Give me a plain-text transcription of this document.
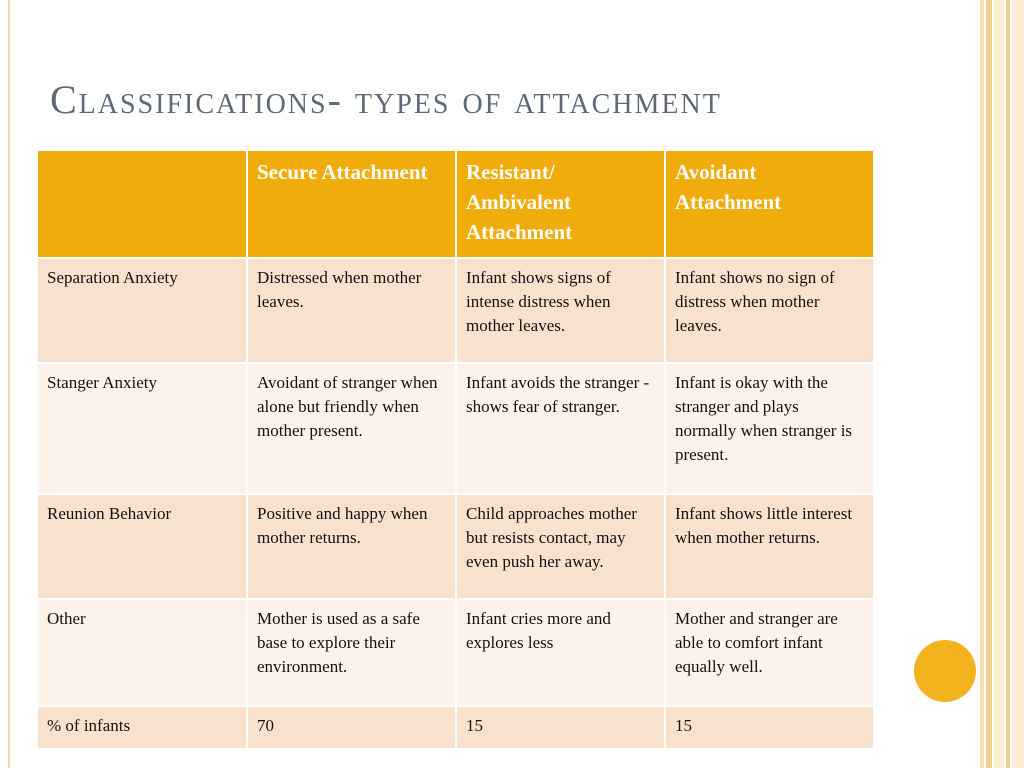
Classifications- types of attachment
	Secure Attachment	Resistant/ Ambivalent Attachment	Avoidant Attachment
Separation Anxiety	Distressed when mother leaves.	Infant shows signs of intense distress when mother leaves.	Infant shows no sign of distress when mother leaves.
Stanger Anxiety	Avoidant of stranger when alone but friendly when mother present.	Infant avoids the stranger - shows fear of stranger.	Infant is okay with the stranger and plays normally when stranger is present.
Reunion Behavior	Positive and happy when mother returns.	Child approaches mother but resists contact, may even push her away.	Infant shows little interest when mother returns.
Other	Mother is used as a safe base to explore their environment.	Infant cries more and explores less	Mother and stranger are able to comfort infant equally well.
% of infants	70	15	15
